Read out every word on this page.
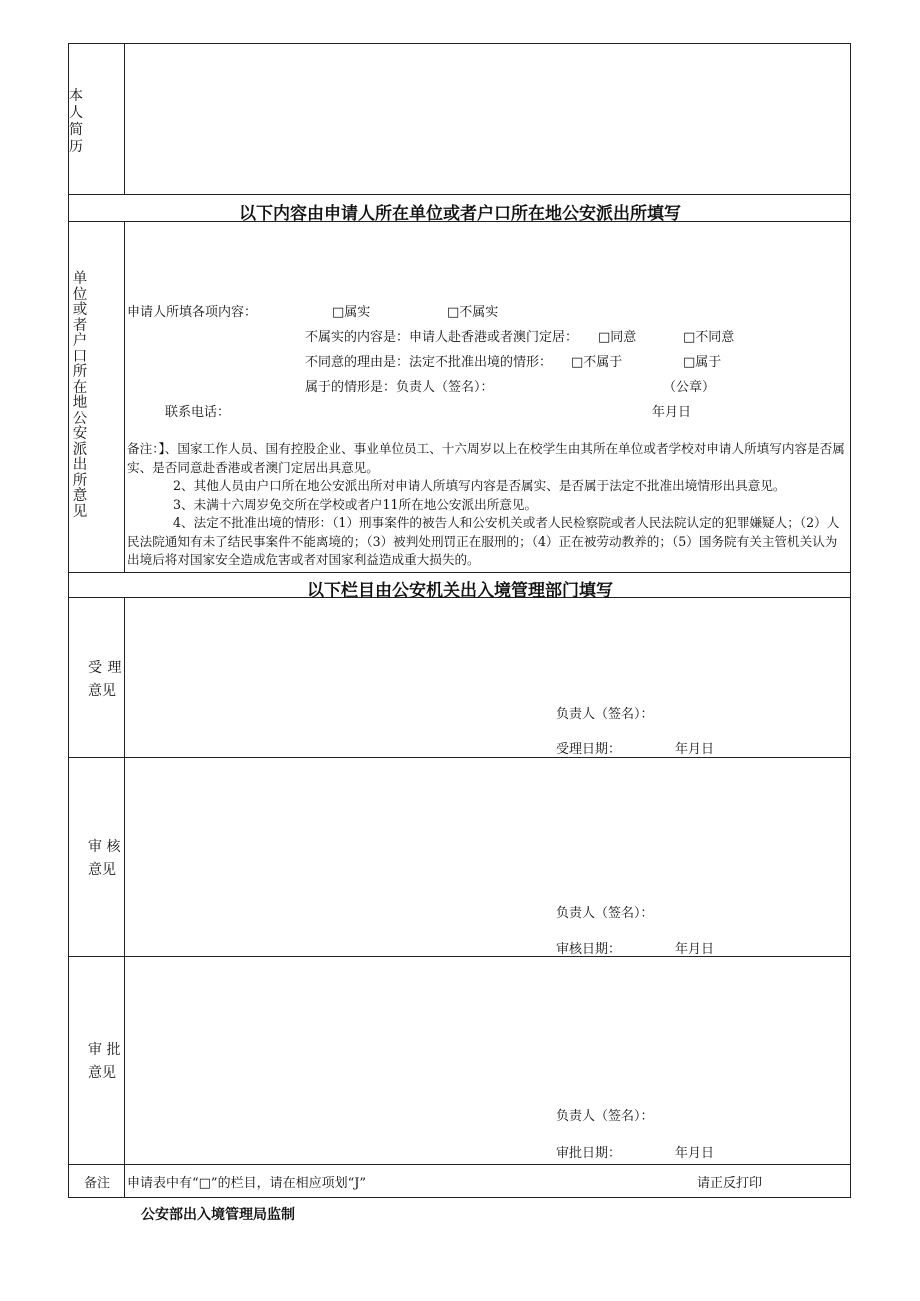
本人简历
以下内容由申请人所在单位或者户口所在地公安派出所填写
单位或者户口所在地公安派出所意见
申请人所填各项内容：	□属实	□不属实
不属实的内容是：申请人赴香港或者澳门定居： □同意	□不同意
不同意的理由是：法定不批准出境的情形： □不属于	□属于
属于的情形是：负责人（签名）：	（公章）
联系电话：	年月日

备注：】、国家工作人员、国有控股企业、事业单位员工、十六周岁以上在校学生由其所在单位或者学校对申请人所填写内容是否属实、是否同意赴香港或者澳门定居出具意见。

2、其他人员由户口所在地公安派出所对申请人所填写内容是否属实、是否属于法定不批准出境情形出具意见。

3、未满十六周岁免交所在学校或者户11所在地公安派出所意见。

4、法定不批准出境的情形：（1）刑事案件的被告人和公安机关或者人民检察院或者人民法院认定的犯罪嫌疑人；（2）人民法院通知有未了结民事案件不能离境的；（3）被判处刑罚正在服刑的；（4）正在被劳动教养的；（5）国务院有关主管机关认为出境后将对国家安全造成危害或者对国家利益造成重大损失的。

以下栏目由公安机关出入境管理部门填写
受 理
意见
负责人（签名）：
受理日期：	年月日
审 核
意见
负责人（签名）：
审核日期：	年月日
审 批
意见
负责人（签名）：
审批日期：	年月日
备注 申请表中有“□”的栏目，请在相应项划“J”	请正反打印
公安部出入境管理局监制
